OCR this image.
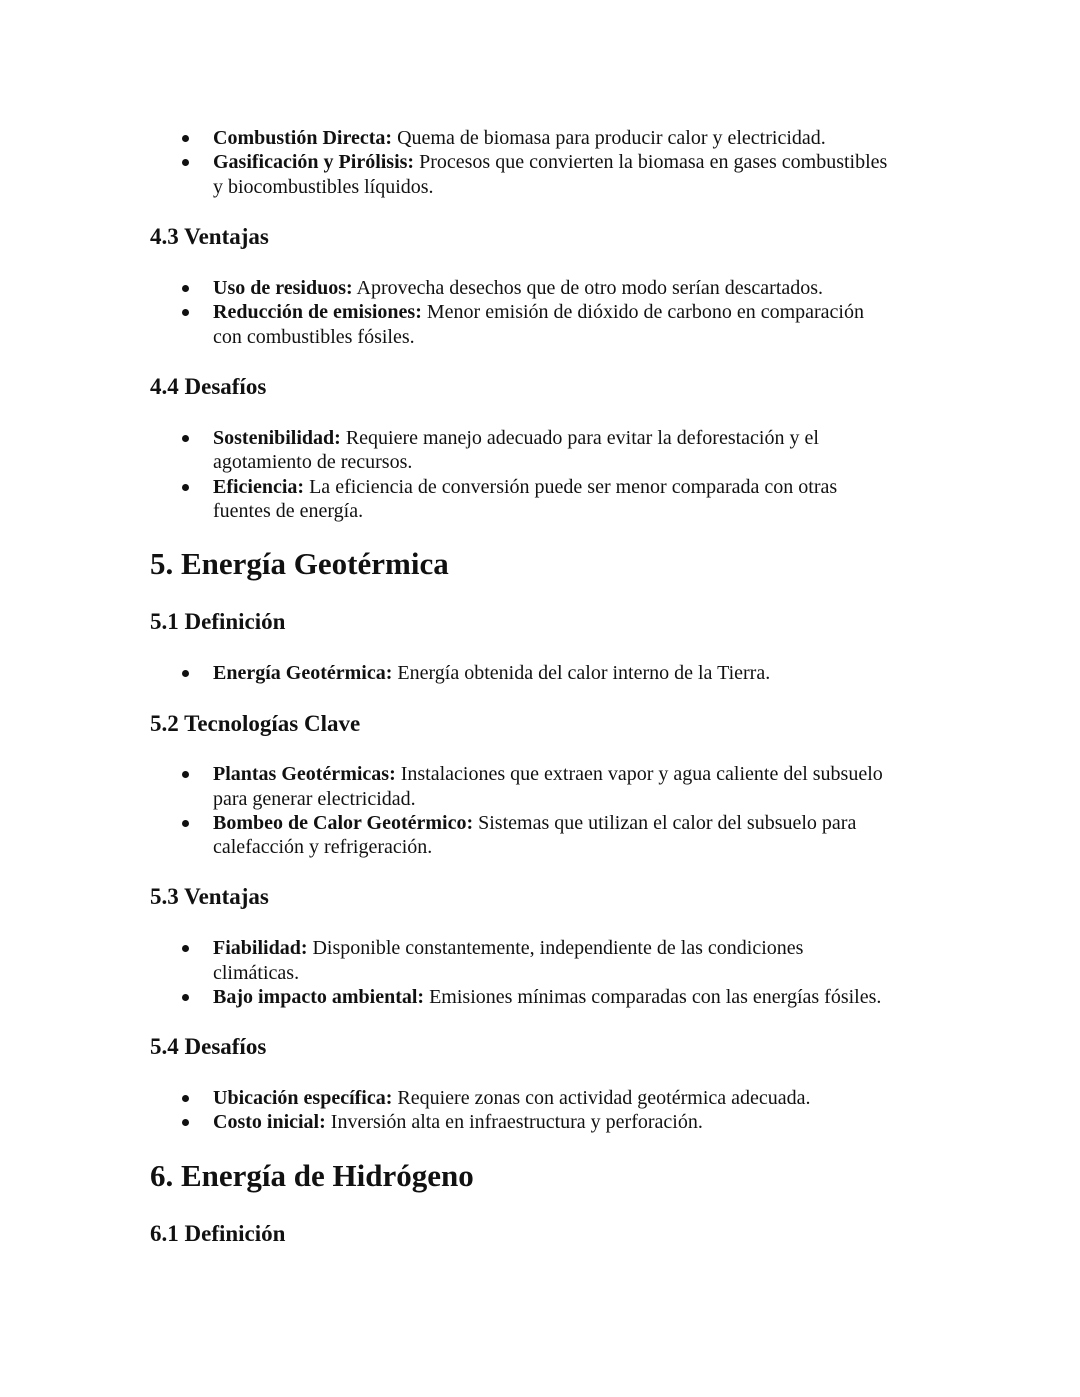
Combustión Directa: Quema de biomasa para producir calor y electricidad.
Gasificación y Pirólisis: Procesos que convierten la biomasa en gases combustibles
y biocombustibles líquidos.
4.3 Ventajas
Uso de residuos: Aprovecha desechos que de otro modo serían descartados.
Reducción de emisiones: Menor emisión de dióxido de carbono en comparación
con combustibles fósiles.
4.4 Desafíos
Sostenibilidad: Requiere manejo adecuado para evitar la deforestación y el
agotamiento de recursos.
Eficiencia: La eficiencia de conversión puede ser menor comparada con otras
fuentes de energía.
5. Energía Geotérmica
5.1 Definición
Energía Geotérmica: Energía obtenida del calor interno de la Tierra.
5.2 Tecnologías Clave
Plantas Geotérmicas: Instalaciones que extraen vapor y agua caliente del subsuelo
para generar electricidad.
Bombeo de Calor Geotérmico: Sistemas que utilizan el calor del subsuelo para
calefacción y refrigeración.
5.3 Ventajas
Fiabilidad: Disponible constantemente, independiente de las condiciones
climáticas.
Bajo impacto ambiental: Emisiones mínimas comparadas con las energías fósiles.
5.4 Desafíos
Ubicación específica: Requiere zonas con actividad geotérmica adecuada.
Costo inicial: Inversión alta en infraestructura y perforación.
6. Energía de Hidrógeno
6.1 Definición
